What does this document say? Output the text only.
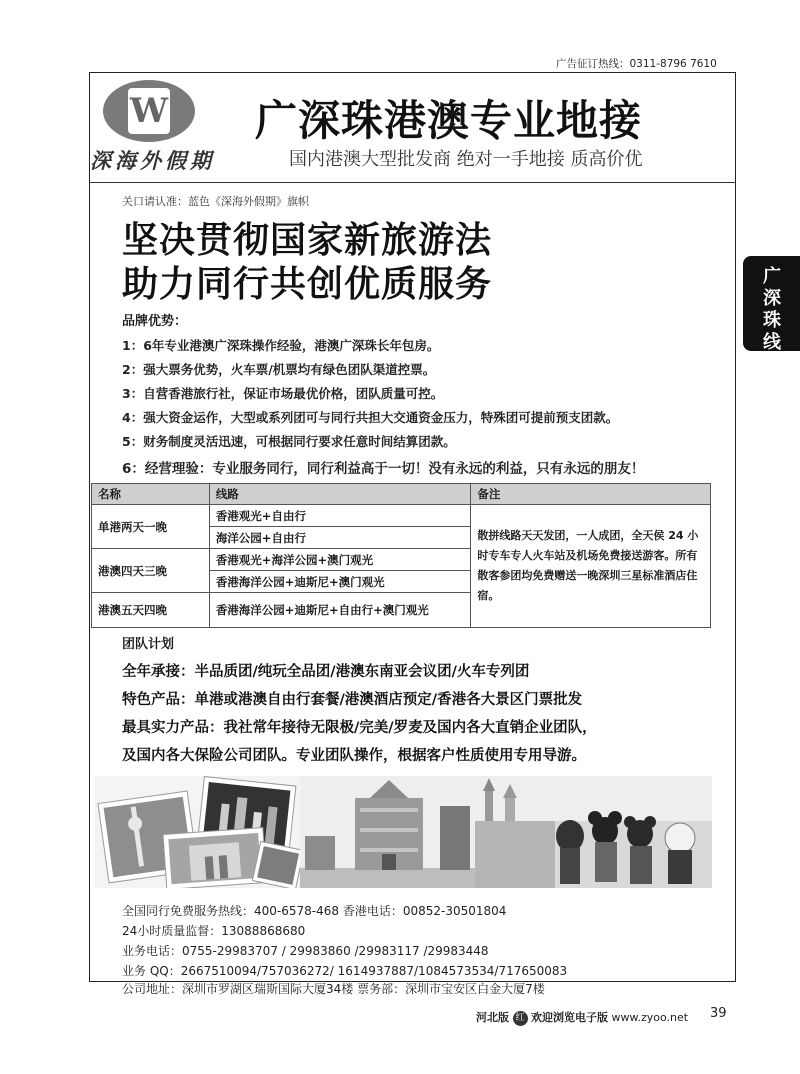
广告征订热线：0311-8796 7610
W
深海外假期
广深珠港澳专业地接
国内港澳大型批发商 绝对一手地接 质高价优
关口请认准：蓝色《深海外假期》旗帜
坚决贯彻国家新旅游法
助力同行共创优质服务
品牌优势：
1：6年专业港澳广深珠操作经验，港澳广深珠长年包房。
2：强大票务优势，火车票/机票均有绿色团队渠道控票。
3：自营香港旅行社，保证市场最优价格，团队质量可控。
4：强大资金运作，大型或系列团可与同行共担大交通资金压力，特殊团可提前预支团款。
5：财务制度灵活迅速，可根据同行要求任意时间结算团款。
6：经营理验：专业服务同行，同行利益高于一切！没有永远的利益，只有永远的朋友！
广
深
珠
线
名称	线路	备注
单港两天一晚	香港观光+自由行	散拼线路天天发团，一人成团，全天侯 24 小时专车专人火车站及机场免费接送游客。所有散客参团均免费赠送一晚深圳三星标准酒店住宿。
	海洋公园+自由行	
港澳四天三晚	香港观光+海洋公园+澳门观光	
	香港海洋公园+迪斯尼+澳门观光	
港澳五天四晚	香港海洋公园+迪斯尼+自由行+澳门观光	
团队计划
全年承接：半品质团/纯玩全品团/港澳东南亚会议团/火车专列团
特色产品：单港或港澳自由行套餐/港澳酒店预定/香港各大景区门票批发
最具实力产品：我社常年接待无限极/完美/罗麦及国内各大直销企业团队，
及国内各大保险公司团队。专业团队操作，根据客户性质使用专用导游。
全国同行免费服务热线：400-6578-468 香港电话：00852-30501804
24小时质量监督：13088868680
业务电话：0755-29983707 / 29983860 /29983117 /29983448
业务 QQ：2667510094/757036272/ 1614937887/1084573534/717650083
公司地址：深圳市罗湖区瑞斯国际大厦34楼 票务部：深圳市宝安区白金大厦7楼
河北版 红 欢迎浏览电子版 www.zyoo.net 39
